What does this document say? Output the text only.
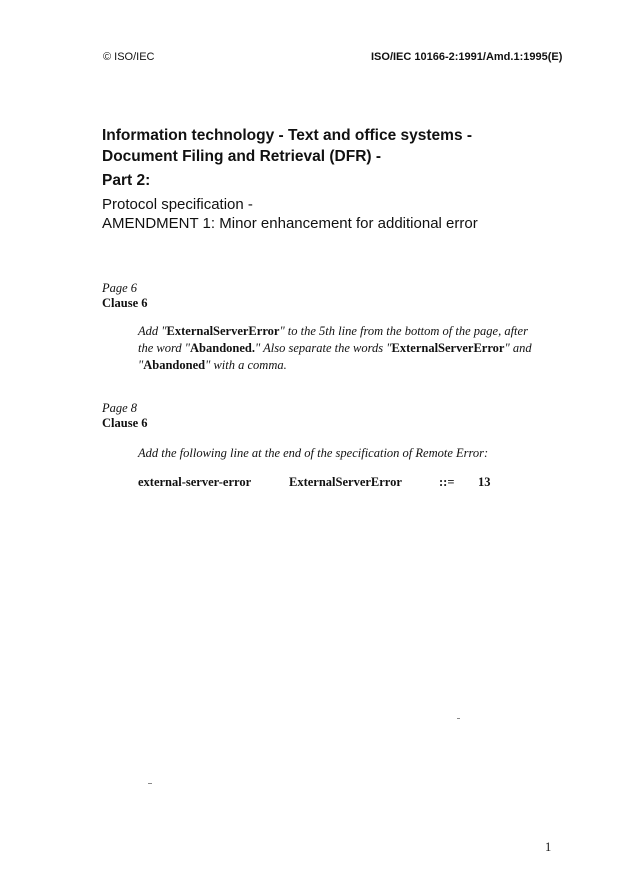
© ISO/IEC	ISO/IEC 10166-2:1991/Amd.1:1995(E)
Information technology - Text and office systems -
Document Filing and Retrieval (DFR) -
Part 2:
Protocol specification -
AMENDMENT 1: Minor enhancement for additional error
Page 6
Clause 6
Add "ExternalServerError" to the 5th line from the bottom of the page, after
the word "Abandoned." Also separate the words "ExternalServerError" and
"Abandoned" with a comma.
Page 8
Clause 6
Add the following line at the end of the specification of Remote Error:
external-server-error	ExternalServerError	::= 13
1
